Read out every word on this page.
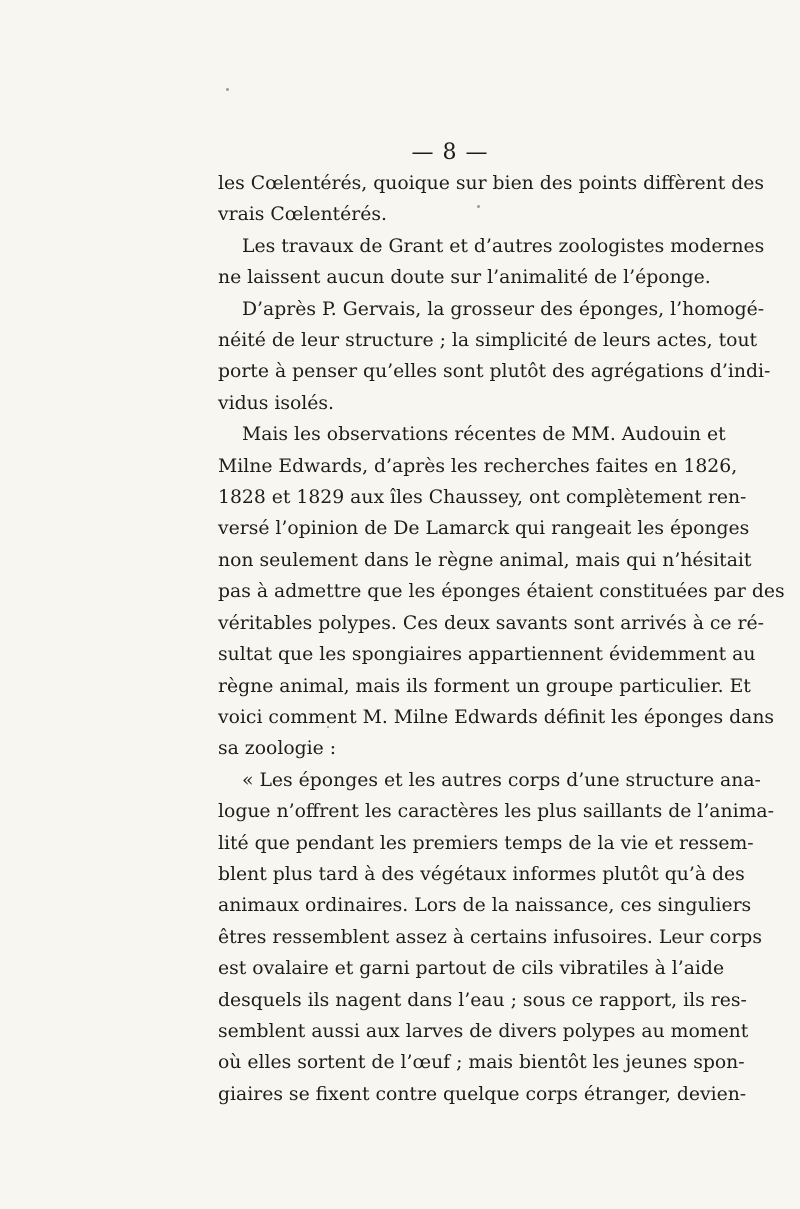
— 8 —
les Cœlentérés, quoique sur bien des points diffèrent des
vrais Cœlentérés.
Les travaux de Grant et d’autres zoologistes modernes
ne laissent aucun doute sur l’animalité de l’éponge.
D’après P. Gervais, la grosseur des éponges, l’homogé-
néité de leur structure ; la simplicité de leurs actes, tout
porte à penser qu’elles sont plutôt des agrégations d’indi-
vidus isolés.
Mais les observations récentes de MM. Audouin et
Milne Edwards, d’après les recherches faites en 1826,
1828 et 1829 aux îles Chaussey, ont complètement ren-
versé l’opinion de De Lamarck qui rangeait les éponges
non seulement dans le règne animal, mais qui n’hésitait
pas à admettre que les éponges étaient constituées par des
véritables polypes. Ces deux savants sont arrivés à ce ré-
sultat que les spongiaires appartiennent évidemment au
règne animal, mais ils forment un groupe particulier. Et
voici comment M. Milne Edwards définit les éponges dans
sa zoologie :
« Les éponges et les autres corps d’une structure ana-
logue n’offrent les caractères les plus saillants de l’anima-
lité que pendant les premiers temps de la vie et ressem-
blent plus tard à des végétaux informes plutôt qu’à des
animaux ordinaires. Lors de la naissance, ces singuliers
êtres ressemblent assez à certains infusoires. Leur corps
est ovalaire et garni partout de cils vibratiles à l’aide
desquels ils nagent dans l’eau ; sous ce rapport, ils res-
semblent aussi aux larves de divers polypes au moment
où elles sortent de l’œuf ; mais bientôt les jeunes spon-
giaires se fixent contre quelque corps étranger, devien-
